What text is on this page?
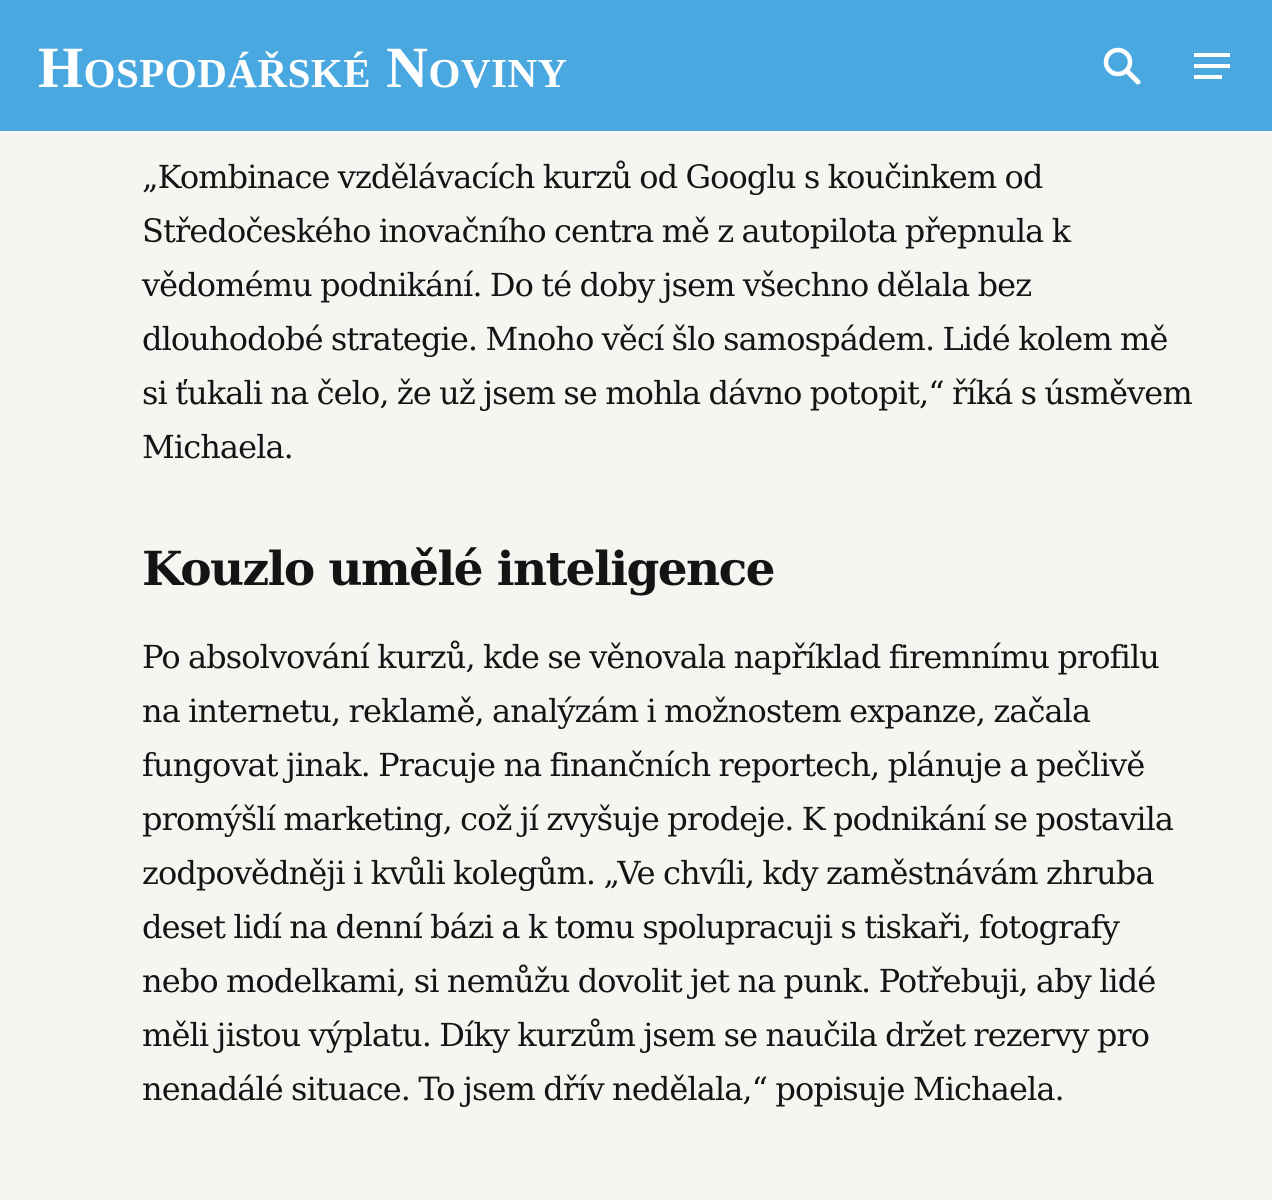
Hospodářské Noviny

„Kombinace vzdělávacích kurzů od Googlu s koučinkem od Středočeského inovačního centra mě z autopilota přepnula k vědomému podnikání. Do té doby jsem všechno dělala bez dlouhodobé strategie. Mnoho věcí šlo samospádem. Lidé kolem mě si ťukali na čelo, že už jsem se mohla dávno potopit,“ říká s úsměvem Michaela.

Kouzlo umělé inteligence

Po absolvování kurzů, kde se věnovala například firemnímu profilu na internetu, reklamě, analýzám i možnostem expanze, začala fungovat jinak. Pracuje na finančních reportech, plánuje a pečlivě promýšlí marketing, což jí zvyšuje prodeje. K podnikání se postavila zodpovědněji i kvůli kolegům. „Ve chvíli, kdy zaměstnávám zhruba deset lidí na denní bázi a k tomu spolupracuji s tiskaři, fotografy nebo modelkami, si nemůžu dovolit jet na punk. Potřebuji, aby lidé měli jistou výplatu. Díky kurzům jsem se naučila držet rezervy pro nenadálé situace. To jsem dřív nedělala,“ popisuje Michaela.
